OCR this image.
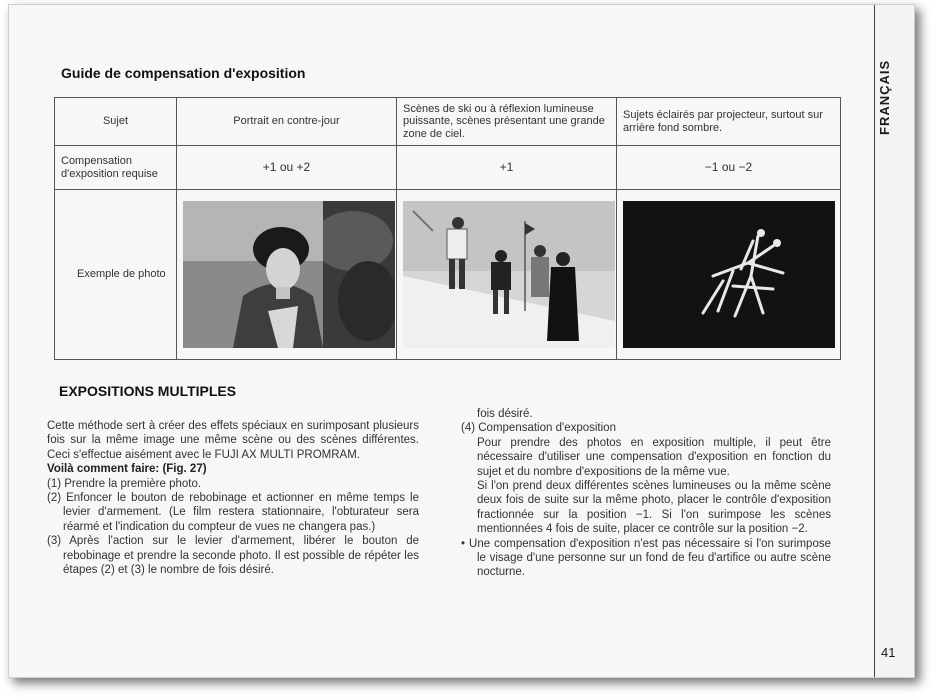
FRANÇAIS
41
Guide de compensation d'exposition
Sujet	Portrait en contre-jour	Scènes de ski ou à réflexion lumineuse puissante, scènes présentant une grande zone de ciel.	Sujets éclairés par projecteur, surtout sur arrière fond sombre.
Compensation d'exposition requise	+1 ou +2	+1	−1 ou −2
Exemple de photo	

EXPOSITIONS MULTIPLES

Cette méthode sert à créer des effets spéciaux en surimposant plusieurs fois sur la même image une même scène ou des scènes différentes. Ceci s'effectue aisément avec le FUJI AX MULTI PROMRAM.

Voilà comment faire: (Fig. 27)

(1) Prendre la première photo.

(2) Enfoncer le bouton de rebobinage et actionner en même temps le levier d'armement. (Le film restera stationnaire, l'obturateur sera réarmé et l'indication du compteur de vues ne changera pas.)

(3) Après l'action sur le levier d'armement, libérer le bouton de rebobinage et prendre la seconde photo. Il est possible de répéter les étapes (2) et (3) le nombre de fois désiré.

fois désiré.

(4) Compensation d'exposition

Pour prendre des photos en exposition multiple, il peut être nécessaire d'utiliser une compensation d'exposition en fonction du sujet et du nombre d'expositions de la même vue.

Si l'on prend deux différentes scènes lumineuses ou la même scène deux fois de suite sur la même photo, placer le contrôle d'exposition fractionnée sur la position −1. Si l'on surimpose les scènes mentionnées 4 fois de suite, placer ce contrôle sur la position −2.

• Une compensation d'exposition n'est pas nécessaire si l'on surimpose le visage d'une personne sur un fond de feu d'artifice ou autre scène nocturne.
